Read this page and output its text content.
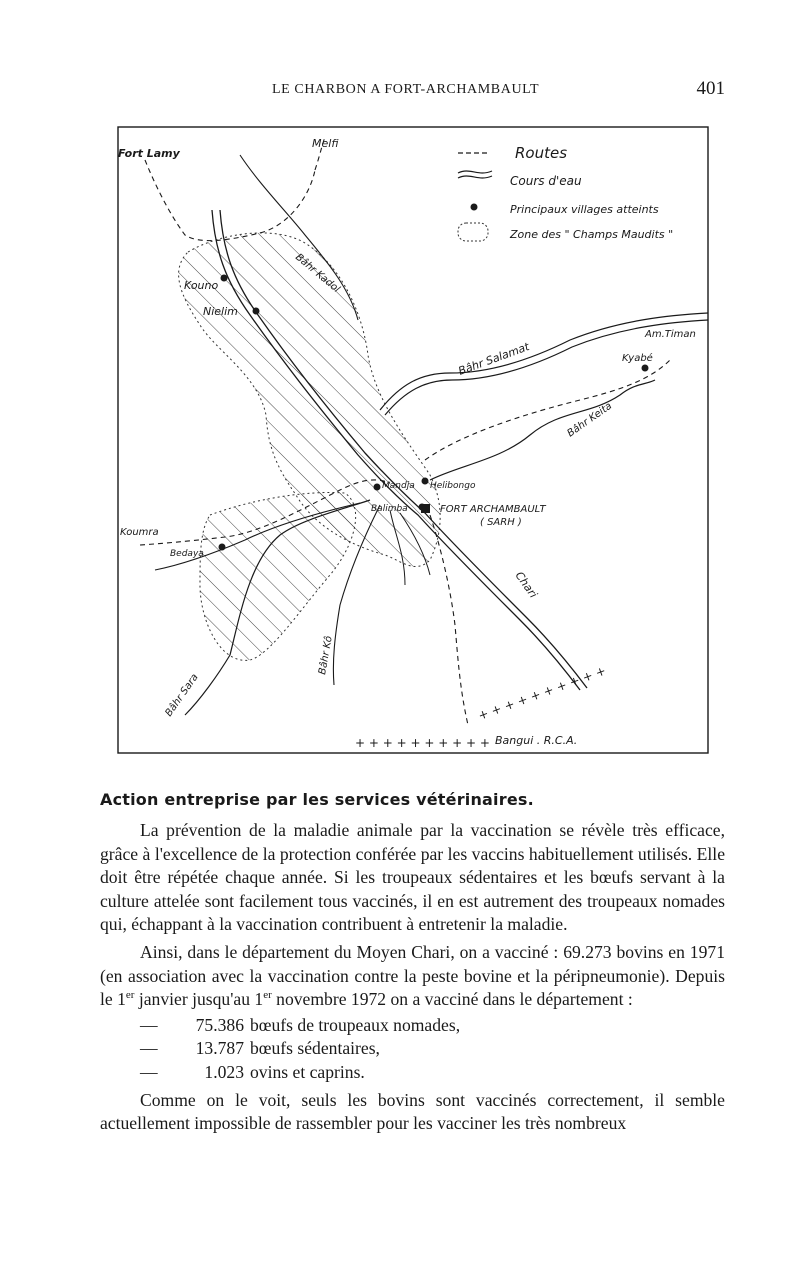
LE CHARBON A FORT-ARCHAMBAULT	401
+ + + + + + + + + +
+ + + + + + + + + +
Routes
Cours d'eau
Principaux villages atteints
Zone des " Champs Maudits "
Fort Lamy
Melfi
Kouno
Nielim
Am.Timan
Kyabé
Mandja Helibongo
Balimba	FORT ARCHAMBAULT
( SARH )
Koumra
Bedaya
Bangui . R.C.A.
Bâhr Kadol
Bâhr Salamat
Bâhr Keita
Chari
Bâhr Kô
Bâhr Sara
Action entreprise par les services vétérinaires.

La prévention de la maladie animale par la vaccination se révèle très efficace, grâce à l'excellence de la protection conférée par les vaccins habituellement utilisés. Elle doit être répétée chaque année. Si les troupeaux sédentaires et les bœufs servant à la culture attelée sont facilement tous vaccinés, il en est autrement des troupeaux nomades qui, échappant à la vaccination contribuent à entretenir la maladie.

Ainsi, dans le département du Moyen Chari, on a vacciné : 69.273 bovins en 1971 (en association avec la vaccination contre la peste bovine et la péripneumonie). Depuis le 1er janvier jusqu'au 1er novembre 1972 on a vacciné dans le département :

—	75.386 bœufs de troupeaux nomades,
—	13.787 bœufs sédentaires,
—	1.023 ovins et caprins.

Comme on le voit, seuls les bovins sont vaccinés correctement, il semble actuellement impossible de rassembler pour les vacciner les très nombreux
